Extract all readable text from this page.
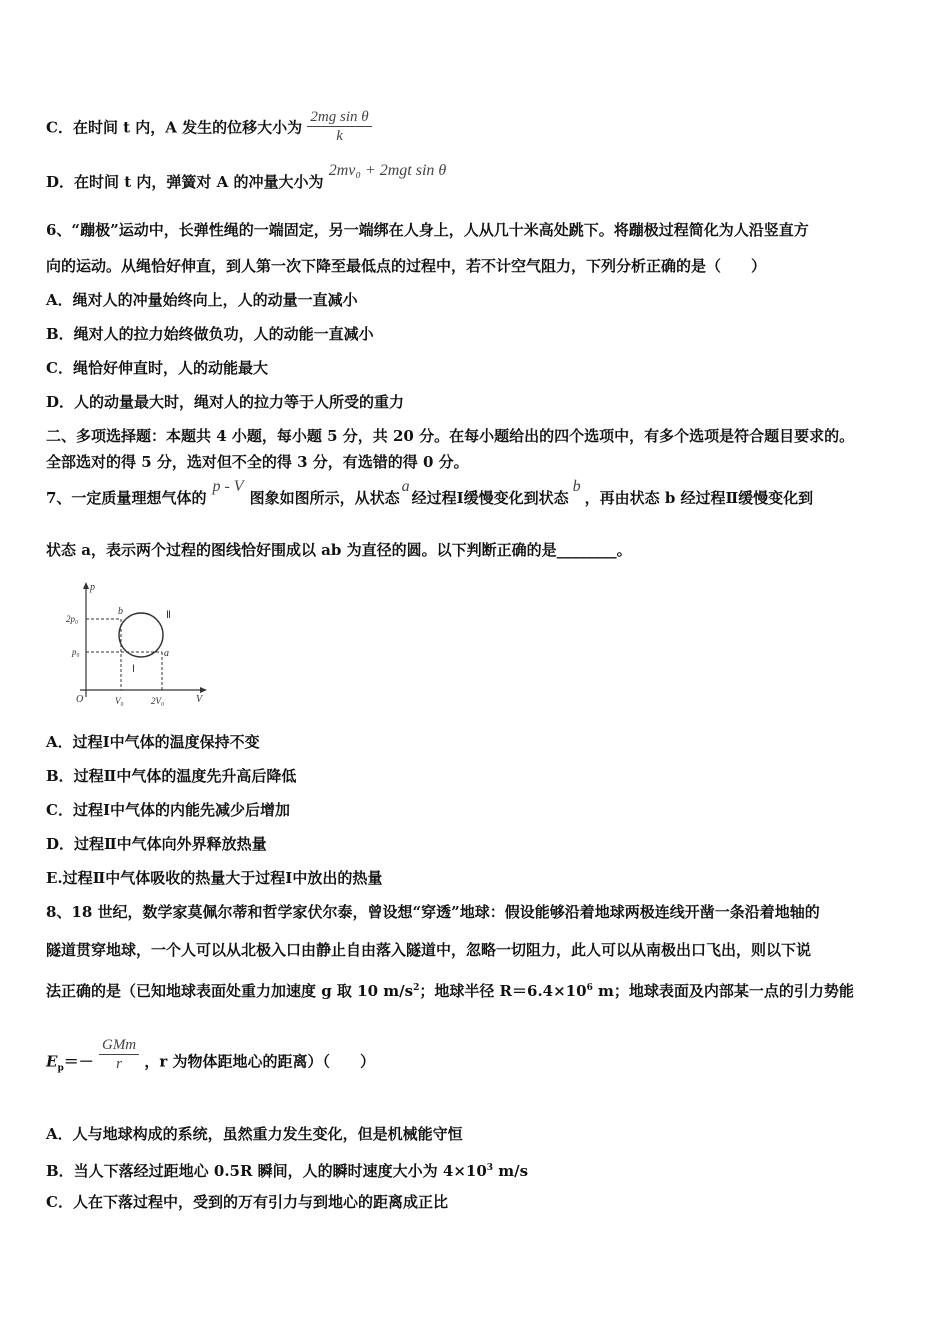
C．在时间 t 内，A 发生的位移大小为 $\frac{\text{2mg sin θ}}{k}$
D．在时间 t 内，弹簧对 A 的冲量大小为 2mv₀ + 2mgt sin θ
6、“蹦极”运动中，长弹性绳的一端固定，另一端绑在人身上，人从几十米高处跳下。将蹦极过程简化为人沿竖直方
向的运动。从绳恰好伸直，到人第一次下降至最低点的过程中，若不计空气阻力，下列分析正确的是（　　）
A．绳对人的冲量始终向上，人的动量一直减小
B．绳对人的拉力始终做负功，人的动能一直减小
C．绳恰好伸直时，人的动能最大
D．人的动量最大时，绳对人的拉力等于人所受的重力
二、多项选择题：本题共 4 小题，每小题 5 分，共 20 分。在每小题给出的四个选项中，有多个选项是符合题目要求的。
全部选对的得 5 分，选对但不全的得 3 分，有选错的得 0 分。
7、一定质量理想气体的p - V图象如图所示，从状态a经过程Ⅰ缓慢变化到状态b，再由状态 b 经过程Ⅱ缓慢变化到
状态 a，表示两个过程的图线恰好围成以 ab 为直径的圆。以下判断正确的是________。
p
V
O
2p₀
p₀
V₀	2V₀
a
b
Ⅰ
Ⅱ
A．过程Ⅰ中气体的温度保持不变
B．过程Ⅱ中气体的温度先升高后降低
C．过程Ⅰ中气体的内能先减少后增加
D．过程Ⅱ中气体向外界释放热量
E.过程Ⅱ中气体吸收的热量大于过程Ⅰ中放出的热量
8、18 世纪，数学家莫佩尔蒂和哲学家伏尔泰，曾设想“穿透”地球：假设能够沿着地球两极连线开凿一条沿着地轴的
隧道贯穿地球，一个人可以从北极入口由静止自由落入隧道中，忽略一切阻力，此人可以从南极出口飞出，则以下说
法正确的是（已知地球表面处重力加速度 g 取 10 $m/s^2$；地球半径 $R=6.4\times 10^6$ m；地球表面及内部某一点的引力势能
$E_p=- \frac{\text{GMm}}{r}$ ，r 为物体距地心的距离）（　　）
A．人与地球构成的系统，虽然重力发生变化，但是机械能守恒
B．当人下落经过距地心 0.5R 瞬间，人的瞬时速度大小为 $4\times 10^3$ m/s
C．人在下落过程中，受到的万有引力与到地心的距离成正比
